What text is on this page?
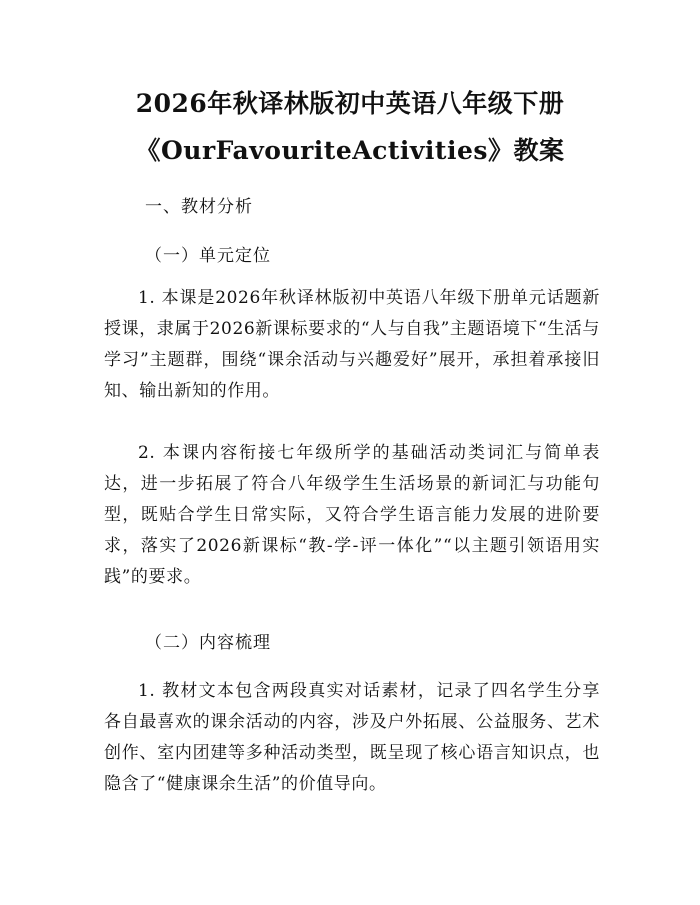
2026年秋译林版初中英语八年级下册
《OurFavouriteActivities》教案
一、教材分析
（一）单元定位
1. 本课是2026年秋译林版初中英语八年级下册单元话题新授课，隶属于2026新课标要求的“人与自我”主题语境下“生活与学习”主题群，围绕“课余活动与兴趣爱好”展开，承担着承接旧知、输出新知的作用。
2. 本课内容衔接七年级所学的基础活动类词汇与简单表达，进一步拓展了符合八年级学生生活场景的新词汇与功能句型，既贴合学生日常实际，又符合学生语言能力发展的进阶要求，落实了2026新课标“教-学-评一体化”“以主题引领语用实践”的要求。
（二）内容梳理
1. 教材文本包含两段真实对话素材，记录了四名学生分享各自最喜欢的课余活动的内容，涉及户外拓展、公益服务、艺术创作、室内团建等多种活动类型，既呈现了核心语言知识点，也隐含了“健康课余生活”的价值导向。
